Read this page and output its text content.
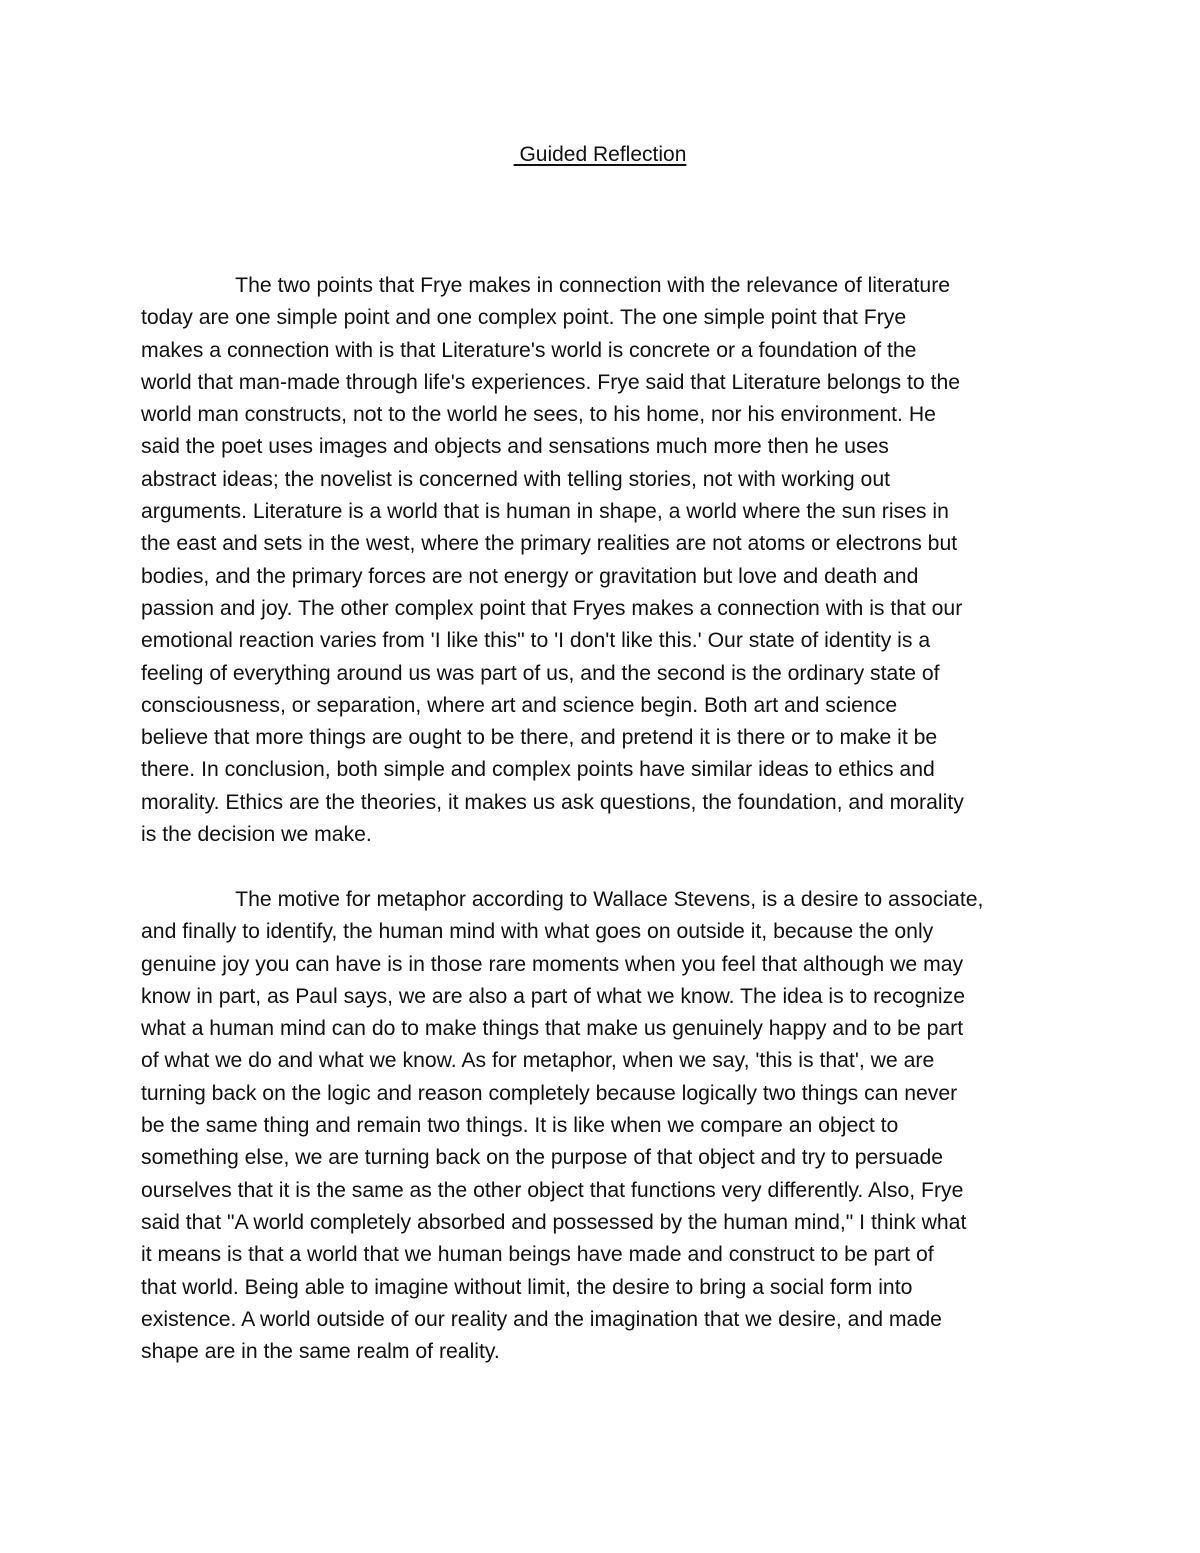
Guided Reflection
The two points that Frye makes in connection with the relevance of literature
today are one simple point and one complex point. The one simple point that Frye
makes a connection with is that Literature's world is concrete or a foundation of the
world that man-made through life's experiences. Frye said that Literature belongs to the
world man constructs, not to the world he sees, to his home, nor his environment. He
said the poet uses images and objects and sensations much more then he uses
abstract ideas; the novelist is concerned with telling stories, not with working out
arguments. Literature is a world that is human in shape, a world where the sun rises in
the east and sets in the west, where the primary realities are not atoms or electrons but
bodies, and the primary forces are not energy or gravitation but love and death and
passion and joy. The other complex point that Fryes makes a connection with is that our
emotional reaction varies from 'I like this" to 'I don't like this.' Our state of identity is a
feeling of everything around us was part of us, and the second is the ordinary state of
consciousness, or separation, where art and science begin. Both art and science
believe that more things are ought to be there, and pretend it is there or to make it be
there. In conclusion, both simple and complex points have similar ideas to ethics and
morality. Ethics are the theories, it makes us ask questions, the foundation, and morality
is the decision we make.
The motive for metaphor according to Wallace Stevens, is a desire to associate,
and finally to identify, the human mind with what goes on outside it, because the only
genuine joy you can have is in those rare moments when you feel that although we may
know in part, as Paul says, we are also a part of what we know. The idea is to recognize
what a human mind can do to make things that make us genuinely happy and to be part
of what we do and what we know. As for metaphor, when we say, 'this is that', we are
turning back on the logic and reason completely because logically two things can never
be the same thing and remain two things. It is like when we compare an object to
something else, we are turning back on the purpose of that object and try to persuade
ourselves that it is the same as the other object that functions very differently. Also, Frye
said that "A world completely absorbed and possessed by the human mind," I think what
it means is that a world that we human beings have made and construct to be part of
that world. Being able to imagine without limit, the desire to bring a social form into
existence. A world outside of our reality and the imagination that we desire, and made
shape are in the same realm of reality.
